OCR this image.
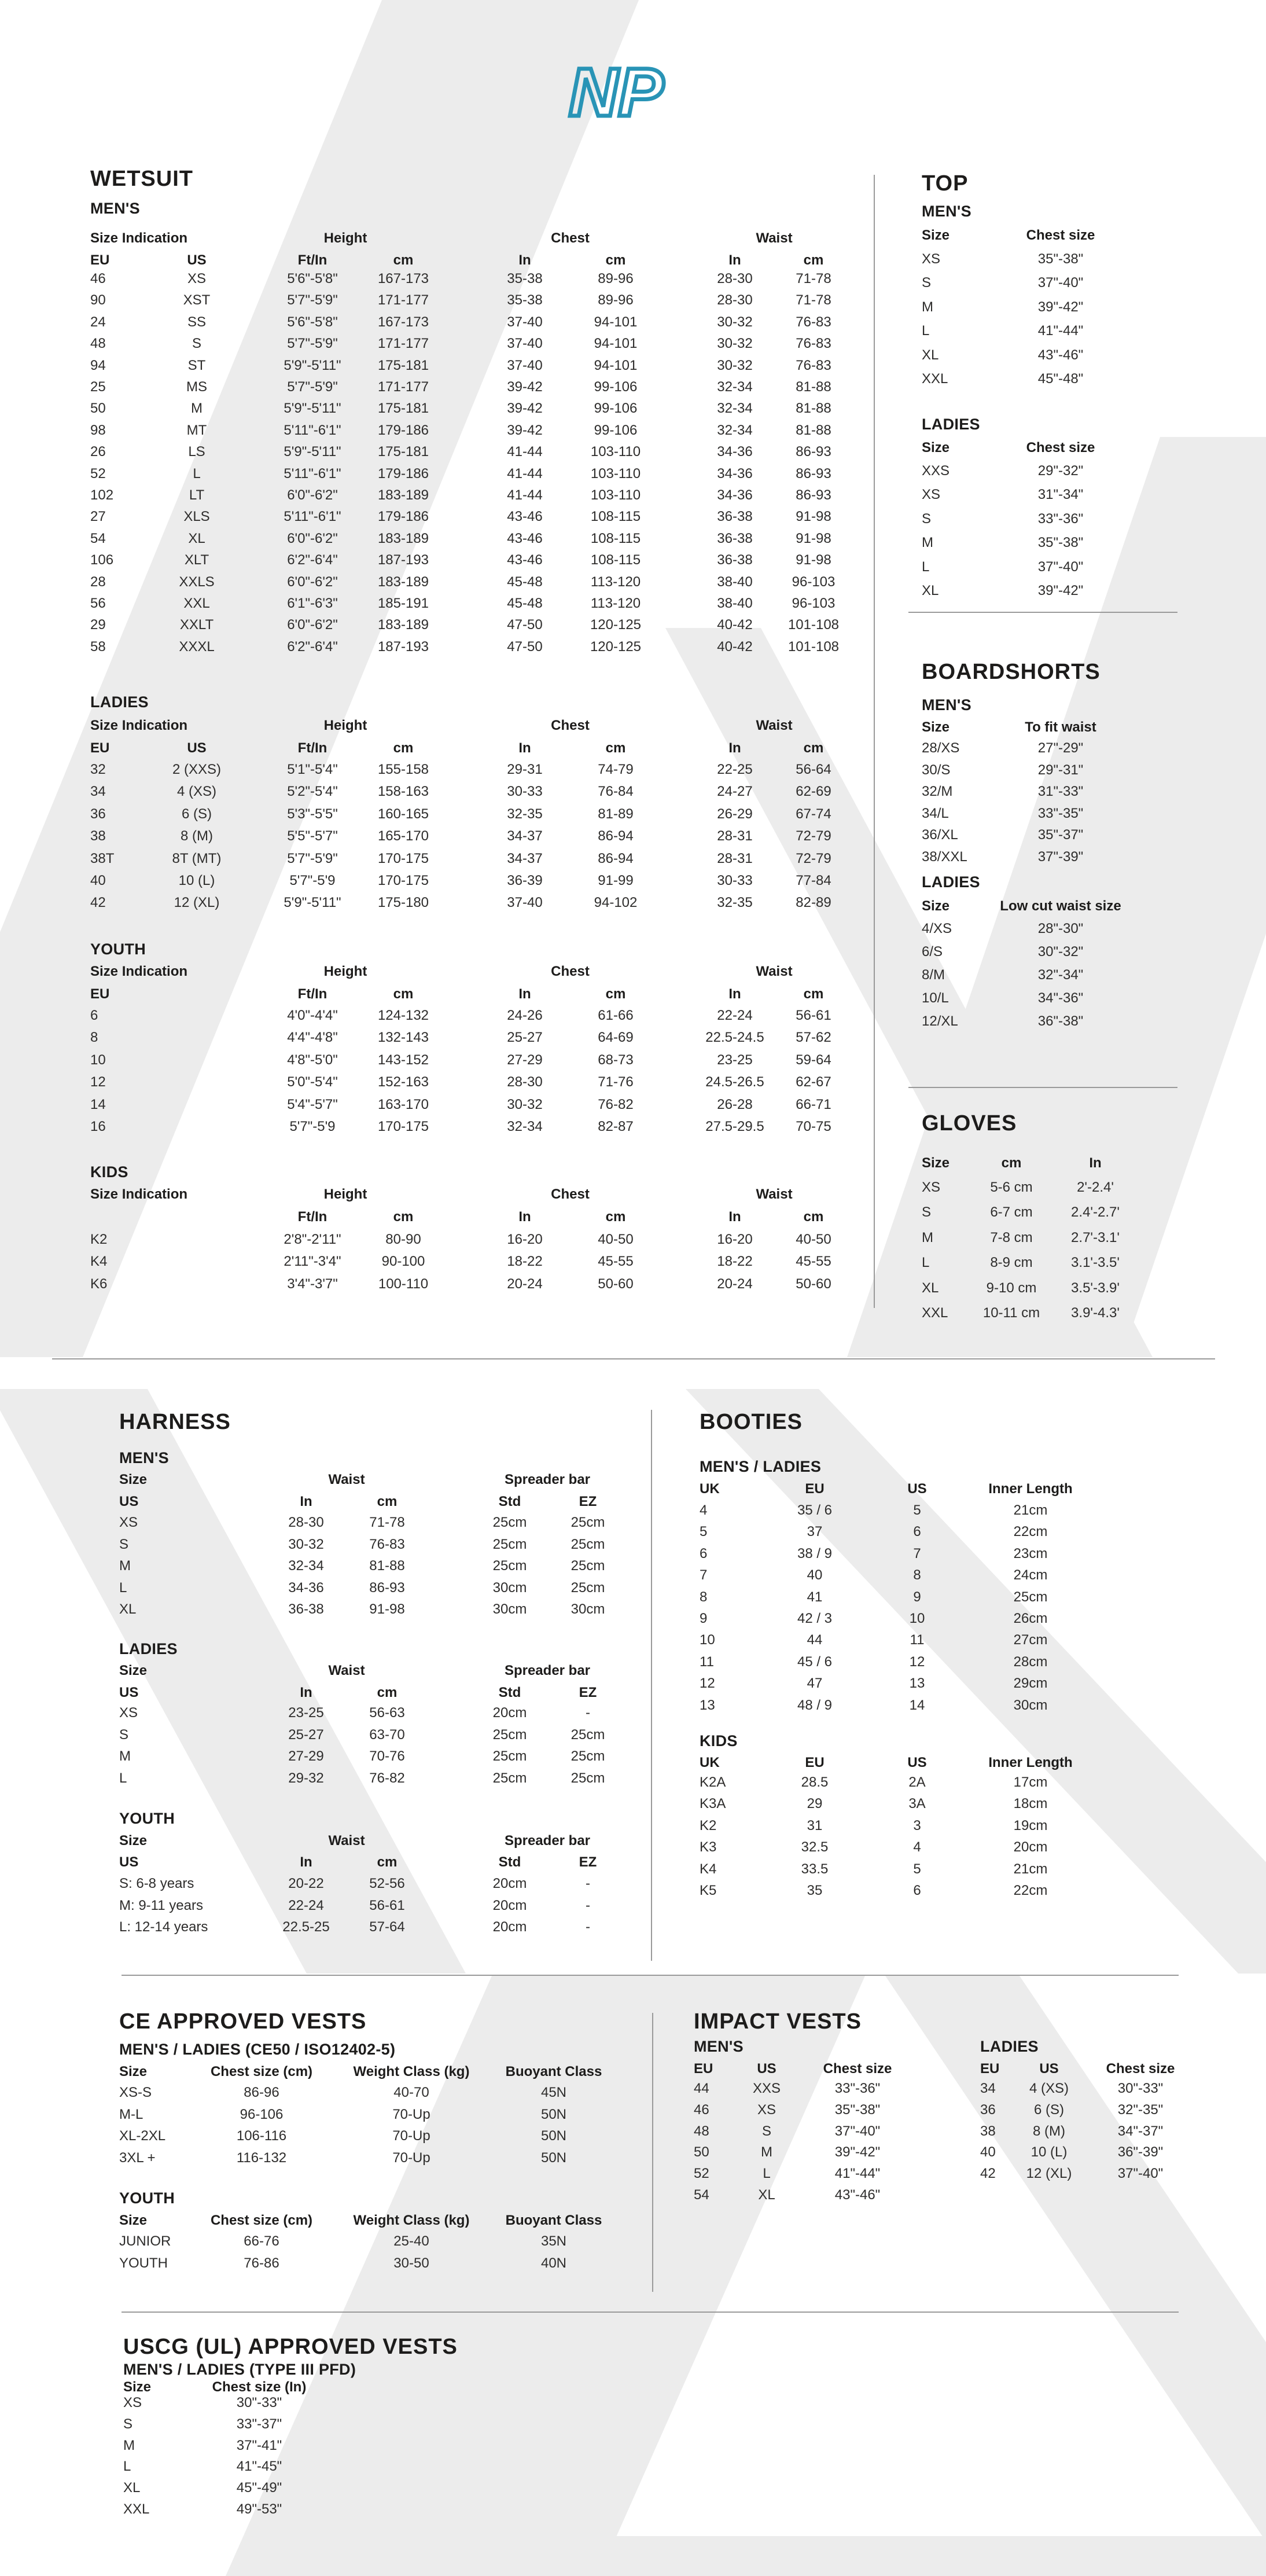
NP
WETSUIT
MEN'S
Size Indication	Height	Chest	Waist
EU	US	Ft/In	cm	In	cm	In	cm
46	XS	5'6"-5'8"	167-173	35-38	89-96	28-30	71-78
90	XST	5'7"-5'9"	171-177	35-38	89-96	28-30	71-78
24	SS	5'6"-5'8"	167-173	37-40	94-101	30-32	76-83
48	S	5'7"-5'9"	171-177	37-40	94-101	30-32	76-83
94	ST	5'9"-5'11"	175-181	37-40	94-101	30-32	76-83
25	MS	5'7"-5'9"	171-177	39-42	99-106	32-34	81-88
50	M	5'9"-5'11"	175-181	39-42	99-106	32-34	81-88
98	MT	5'11"-6'1"	179-186	39-42	99-106	32-34	81-88
26	LS	5'9"-5'11"	175-181	41-44	103-110	34-36	86-93
52	L	5'11"-6'1"	179-186	41-44	103-110	34-36	86-93
102	LT	6'0"-6'2"	183-189	41-44	103-110	34-36	86-93
27	XLS	5'11"-6'1"	179-186	43-46	108-115	36-38	91-98
54	XL	6'0"-6'2"	183-189	43-46	108-115	36-38	91-98
106	XLT	6'2"-6'4"	187-193	43-46	108-115	36-38	91-98
28	XXLS	6'0"-6'2"	183-189	45-48	113-120	38-40	96-103
56	XXL	6'1"-6'3"	185-191	45-48	113-120	38-40	96-103
29	XXLT	6'0"-6'2"	183-189	47-50	120-125	40-42	101-108
58	XXXL	6'2"-6'4"	187-193	47-50	120-125	40-42	101-108
LADIES
Size Indication	Height	Chest	Waist
EU	US	Ft/In	cm	In	cm	In	cm
32	2 (XXS)	5'1"-5'4"	155-158	29-31	74-79	22-25	56-64
34	4 (XS)	5'2"-5'4"	158-163	30-33	76-84	24-27	62-69
36	6 (S)	5'3"-5'5"	160-165	32-35	81-89	26-29	67-74
38	8 (M)	5'5"-5'7"	165-170	34-37	86-94	28-31	72-79
38T	8T (MT)	5'7"-5'9"	170-175	34-37	86-94	28-31	72-79
40	10 (L)	5'7"-5'9	170-175	36-39	91-99	30-33	77-84
42	12 (XL)	5'9"-5'11"	175-180	37-40	94-102	32-35	82-89
YOUTH
Size Indication	Height	Chest	Waist
EU	Ft/In	cm	In	cm	In	cm
6	4'0"-4'4"	124-132	24-26	61-66	22-24	56-61
8	4'4"-4'8"	132-143	25-27	64-69	22.5-24.5	57-62
10	4'8"-5'0"	143-152	27-29	68-73	23-25	59-64
12	5'0"-5'4"	152-163	28-30	71-76	24.5-26.5	62-67
14	5'4"-5'7"	163-170	30-32	76-82	26-28	66-71
16	5'7"-5'9	170-175	32-34	82-87	27.5-29.5	70-75
KIDS
Size Indication	Height	Chest	Waist
Ft/In	cm	In	cm	In	cm
K2	2'8"-2'11"	80-90	16-20	40-50	16-20	40-50
K4	2'11"-3'4"	90-100	18-22	45-55	18-22	45-55
K6	3'4"-3'7"	100-110	20-24	50-60	20-24	50-60
TOP
MEN'S
Size	Chest size
XS	35"-38"
S	37"-40"
M	39"-42"
L	41"-44"
XL	43"-46"
XXL	45"-48"
LADIES
Size	Chest size
XXS	29"-32"
XS	31"-34"
S	33"-36"
M	35"-38"
L	37"-40"
XL	39"-42"
BOARDSHORTS
MEN'S
Size	To fit waist
28/XS	27"-29"
30/S	29"-31"
32/M	31"-33"
34/L	33"-35"
36/XL	35"-37"
38/XXL	37"-39"
LADIES
Size	Low cut waist size
4/XS	28"-30"
6/S	30"-32"
8/M	32"-34"
10/L	34"-36"
12/XL	36"-38"
GLOVES
Size	cm	In
XS	5-6 cm	2'-2.4'
S	6-7 cm	2.4'-2.7'
M	7-8 cm	2.7'-3.1'
L	8-9 cm	3.1'-3.5'
XL	9-10 cm	3.5'-3.9'
XXL	10-11 cm	3.9'-4.3'
HARNESS
MEN'S
Size	Waist	Spreader bar
US	In	cm	Std	EZ
XS	28-30	71-78	25cm	25cm
S	30-32	76-83	25cm	25cm
M	32-34	81-88	25cm	25cm
L	34-36	86-93	30cm	25cm
XL	36-38	91-98	30cm	30cm
LADIES
Size	Waist	Spreader bar
US	In	cm	Std	EZ
XS	23-25	56-63	20cm	-
S	25-27	63-70	25cm	25cm
M	27-29	70-76	25cm	25cm
L	29-32	76-82	25cm	25cm
YOUTH
Size	Waist	Spreader bar
US	In	cm	Std	EZ
S: 6-8 years	20-22	52-56	20cm	-
M: 9-11 years	22-24	56-61	20cm	-
L: 12-14 years	22.5-25	57-64	20cm	-
BOOTIES
MEN'S / LADIES
UK	EU	US	Inner Length
4	35 / 6	5	21cm
5	37	6	22cm
6	38 / 9	7	23cm
7	40	8	24cm
8	41	9	25cm
9	42 / 3	10	26cm
10	44	11	27cm
11	45 / 6	12	28cm
12	47	13	29cm
13	48 / 9	14	30cm
KIDS
UK	EU	US	Inner Length
K2A	28.5	2A	17cm
K3A	29	3A	18cm
K2	31	3	19cm
K3	32.5	4	20cm
K4	33.5	5	21cm
K5	35	6	22cm
CE APPROVED VESTS
MEN'S / LADIES (CE50 / ISO12402-5)
Size	Chest size (cm)	Weight Class (kg)	Buoyant Class
XS-S	86-96	40-70	45N
M-L	96-106	70-Up	50N
XL-2XL	106-116	70-Up	50N
3XL +	116-132	70-Up	50N
YOUTH
Size	Chest size (cm)	Weight Class (kg)	Buoyant Class
JUNIOR	66-76	25-40	35N
YOUTH	76-86	30-50	40N
IMPACT VESTS
MEN'S
EU	US	Chest size
44	XXS	33"-36"
46	XS	35"-38"
48	S	37"-40"
50	M	39"-42"
52	L	41"-44"
54	XL	43"-46"
LADIES
EU	US	Chest size
34	4 (XS)	30"-33"
36	6 (S)	32"-35"
38	8 (M)	34"-37"
40	10 (L)	36"-39"
42	12 (XL)	37"-40"
USCG (UL) APPROVED VESTS
MEN'S / LADIES (TYPE III PFD)
Size	Chest size (In)
XS	30"-33"
S	33"-37"
M	37"-41"
L	41"-45"
XL	45"-49"
XXL	49"-53"
